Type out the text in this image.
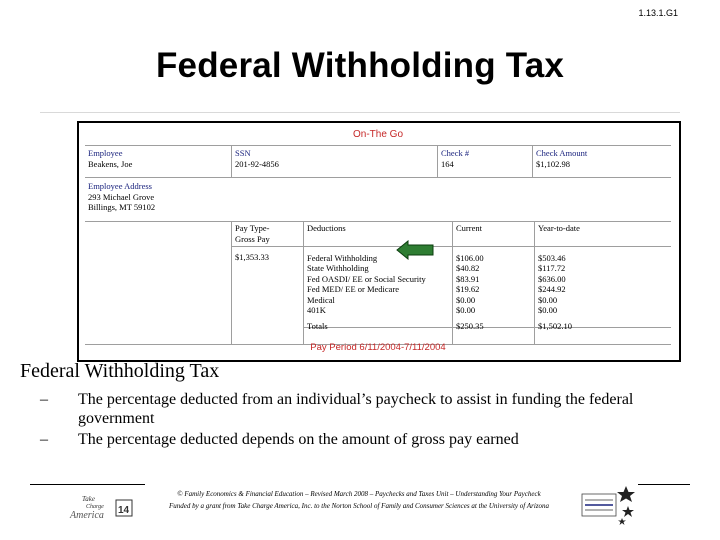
1.13.1.G1
Federal Withholding Tax
On-The Go
Employee
Beakens, Joe
SSN
201-92-4856
Check #
164
Check Amount
$1,102.98
Employee Address
293 Michael Grove
Billings, MT 59102
Pay Type-
Gross Pay
$1,353.33
Deductions
Federal Withholding
State Withholding
Fed OASDI/ EE or Social Security
Fed MED/ EE or Medicare
Medical
401K
Totals
Current
$106.00
$40.82
$83.91
$19.62
$0.00
$0.00
$250.35
Year-to-date
$503.46
$117.72
$636.00
$244.92
$0.00
$0.00
$1,502.10
Pay Period 6/11/2004-7/11/2004
Federal Withholding Tax
– The percentage deducted from an individual’s paycheck to assist in funding the federal government
– The percentage deducted depends on the amount of gross pay earned
Take
Charge
America 14
© Family Economics & Financial Education – Revised March 2008 – Paychecks and Taxes Unit – Understanding Your Paycheck
Funded by a grant from Take Charge America, Inc. to the Norton School of Family and Consumer Sciences at the University of Arizona
